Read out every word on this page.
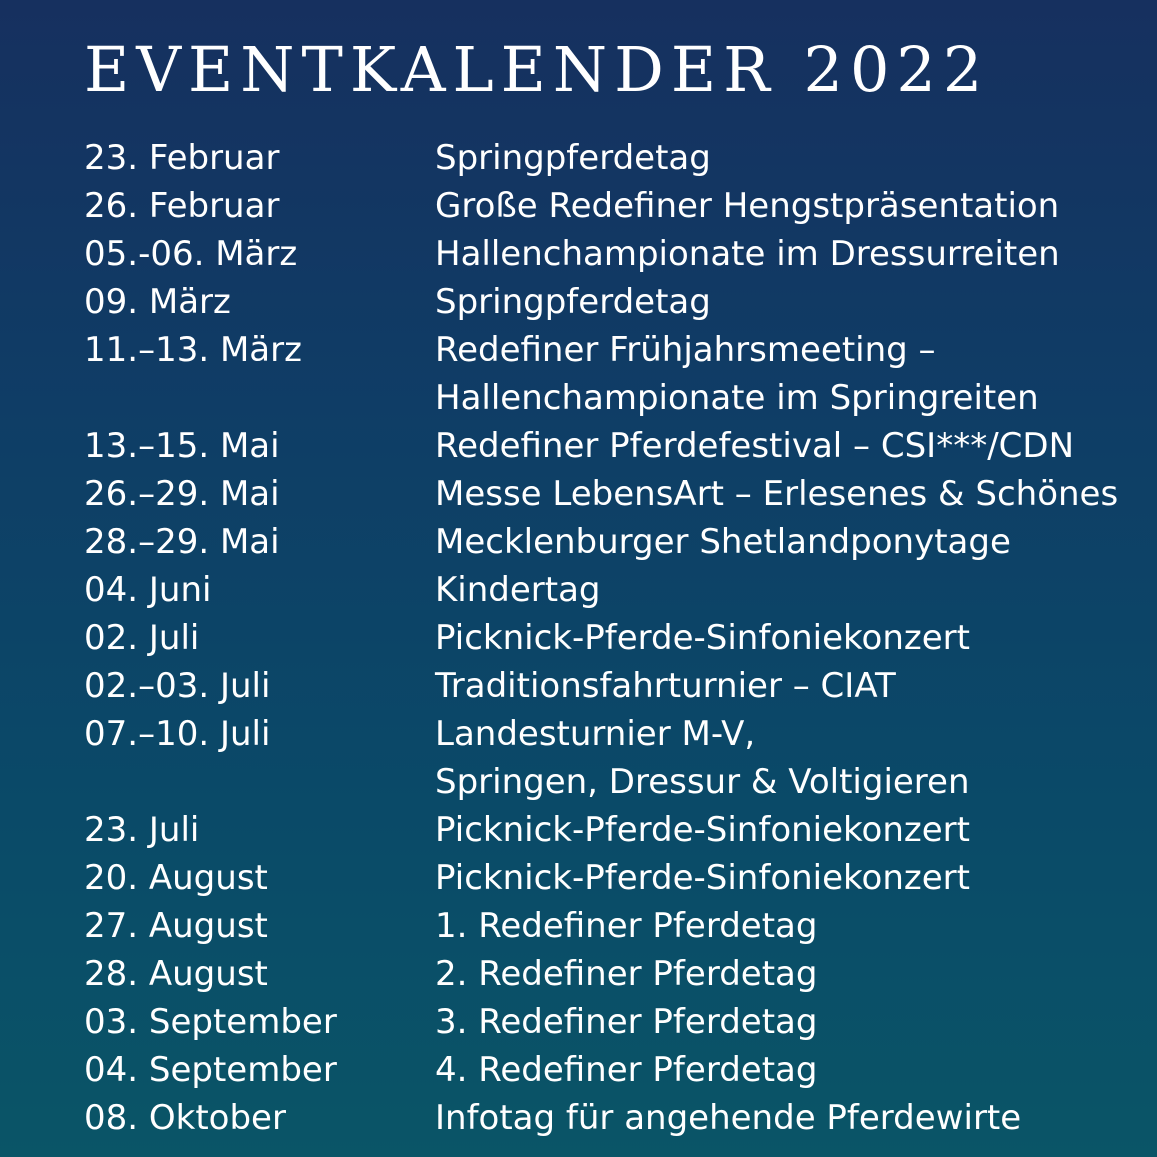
EVENTKALENDER 2022
23. Februar	Springpferdetag
26. Februar	Große Redefiner Hengstpräsentation
05.-06. März	Hallenchampionate im Dressurreiten
09. März	Springpferdetag
11.–13. März	Redefiner Frühjahrsmeeting –
Hallenchampionate im Springreiten
13.–15. Mai	Redefiner Pferdefestival – CSI***/CDN
26.–29. Mai	Messe LebensArt – Erlesenes & Schönes
28.–29. Mai	Mecklenburger Shetlandponytage
04. Juni	Kindertag
02. Juli	Picknick-Pferde-Sinfoniekonzert
02.–03. Juli	Traditionsfahrturnier – CIAT
07.–10. Juli	Landesturnier M-V,
Springen, Dressur & Voltigieren
23. Juli	Picknick-Pferde-Sinfoniekonzert
20. August	Picknick-Pferde-Sinfoniekonzert
27. August	1. Redefiner Pferdetag
28. August	2. Redefiner Pferdetag
03. September	3. Redefiner Pferdetag
04. September	4. Redefiner Pferdetag
08. Oktober	Infotag für angehende Pferdewirte
